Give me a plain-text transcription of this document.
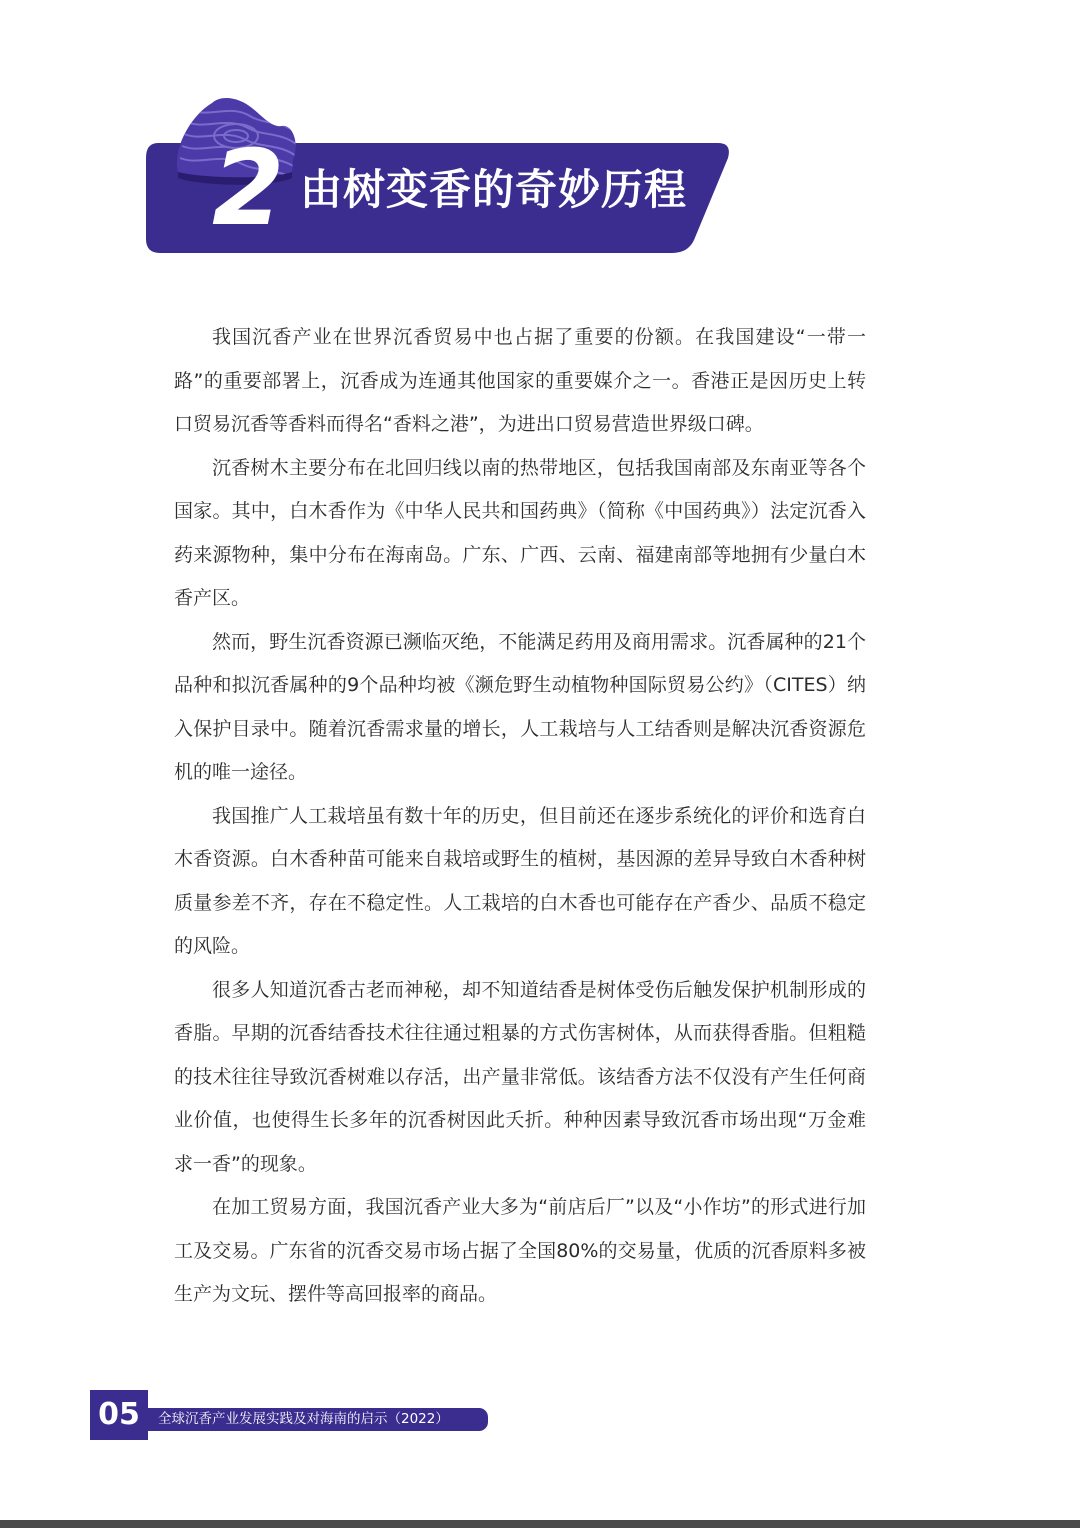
2 由树变香的奇妙历程

我国沉香产业在世界沉香贸易中也占据了重要的份额。在我国建设“一带一路”的重要部署上，沉香成为连通其他国家的重要媒介之一。香港正是因历史上转口贸易沉香等香料而得名“香料之港”，为进出口贸易营造世界级口碑。

沉香树木主要分布在北回归线以南的热带地区，包括我国南部及东南亚等各个国家。其中，白木香作为《中华人民共和国药典》（简称《中国药典》）法定沉香入药来源物种，集中分布在海南岛。广东、广西、云南、福建南部等地拥有少量白木香产区。

然而，野生沉香资源已濒临灭绝，不能满足药用及商用需求。沉香属种的21个品种和拟沉香属种的9个品种均被《濒危野生动植物种国际贸易公约》（CITES）纳入保护目录中。随着沉香需求量的增长，人工栽培与人工结香则是解决沉香资源危机的唯一途径。

我国推广人工栽培虽有数十年的历史，但目前还在逐步系统化的评价和选育白木香资源。白木香种苗可能来自栽培或野生的植树，基因源的差异导致白木香种树质量参差不齐，存在不稳定性。人工栽培的白木香也可能存在产香少、品质不稳定的风险。

很多人知道沉香古老而神秘，却不知道结香是树体受伤后触发保护机制形成的香脂。早期的沉香结香技术往往通过粗暴的方式伤害树体，从而获得香脂。但粗糙的技术往往导致沉香树难以存活，出产量非常低。该结香方法不仅没有产生任何商业价值，也使得生长多年的沉香树因此夭折。种种因素导致沉香市场出现“万金难求一香”的现象。

在加工贸易方面，我国沉香产业大多为“前店后厂”以及“小作坊”的形式进行加工及交易。广东省的沉香交易市场占据了全国80%的交易量，优质的沉香原料多被生产为文玩、摆件等高回报率的商品。

05	全球沉香产业发展实践及对海南的启示（2022）
